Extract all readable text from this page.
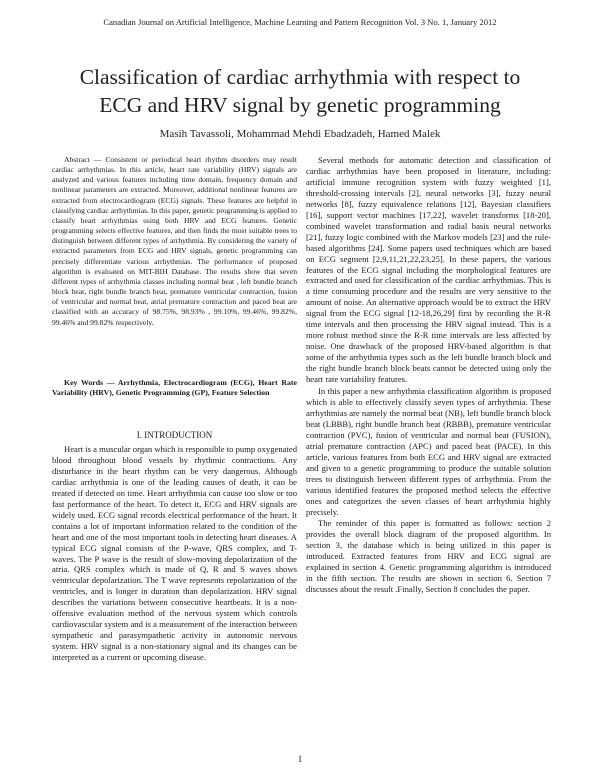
Canadian Journal on Artificial Intelligence, Machine Learning and Pattern Recognition Vol. 3 No. 1, January 2012
Classification of cardiac arrhythmia with respect to
ECG and HRV signal by genetic programming
Masih Tavassoli, Mohammad Mehdi Ebadzadeh, Hamed Malek

Abstract — Consistent or periodical heart rhythm disorders may result cardiac arrhythmias. In this article, heart rate variability (HRV) signals are analyzed and various features including time domain, frequency domain and nonlinear parameters are extracted. Moreover, additional nonlinear features are extracted from electrocardiogram (ECG) signals. These features are helpful in classifying cardiac arrhythmias. In this paper, genetic programming is applied to classify heart arrhythmias using both HRV and ECG features. Genetic programming selects effective features, and then finds the most suitable trees to distinguish between different types of arrhythmia. By considering the variety of extracted parameters from ECG and HRV signals, genetic programming can precisely differentiate various arrhythmias. The performance of proposed algorithm is evaluated on MIT-BIH Database. The results show that seven different types of arrhythmia classes including normal beat , left bundle branch block beat, right bundle branch beat, premature ventricular contraction, fusion of ventricular and normal beat, atrial premature contraction and paced beat are classified with an accuracy of 98.75%, 98.93% , 99.10%, 99.46%, 99.82%, 99.46% and 99.82% respectively.

Key Words — Arrhythmia, Electrocardiogram (ECG), Heart Rate Variability (HRV), Genetic Programming (GP), Feature Selection

I. INTRODUCTION

Heart is a muscular organ which is responsible to pump oxygenated blood throughout blood vessels by rhythmic contractions. Any disturbance in the heart rhythm can be very dangerous. Although cardiac arrhythmia is one of the leading causes of death, it can be treated if detected on time. Heart arrhythmia can cause too slow or too fast performance of the heart. To detect it, ECG and HRV signals are widely used. ECG signal records electrical performance of the heart. It contains a lot of important information related to the condition of the heart and one of the most important tools in detecting heart diseases. A typical ECG signal consists of the P-wave, QRS complex, and T-waves. The P wave is the result of slow-moving depolarization of the atria. QRS complex which is made of Q, R and S waves shows ventricular depolarization. The T wave represents repolarization of the ventricles, and is longer in duration than depolarization. HRV signal describes the variations between consecutive heartbeats. It is a non-offensive evaluation method of the nervous system which controls cardiovascular system and is a measurement of the interaction between sympathetic and parasympathetic activity in autonomic nervous system. HRV signal is a non-stationary signal and its changes can be interpreted as a current or upcoming disease.

Several methods for automatic detection and classification of cardiac arrhythmias have been proposed in literature, including: artificial immune recognition system with fuzzy weighted [1], threshold-crossing intervals [2], neural networks [3], fuzzy neural networks [8], fuzzy equivalence relations [12], Bayesian classifiers [16], support vector machines [17,22], wavelet transforms [18-20], combined wavelet transformation and radial basis neural networks [21], fuzzy logic combined with the Markov models [23] and the rule-based algorithms [24]. Some papers used techniques which are based on ECG segment [2,9,11,21,22,23,25]. In these papers, the various features of the ECG signal including the morphological features are extracted and used for classification of the cardiac arrhythmias. This is a time consuming procedure and the results are very sensitive to the amount of noise. An alternative approach would be to extract the HRV signal from the ECG signal [12-18,26,29] first by recording the R-R time intervals and then processing the HRV signal instead. This is a more robust method since the R-R time intervals are less affected by noise. One drawback of the proposed HRV-based algorithm is that some of the arrhythmia types such as the left bundle branch block and the right bundle branch block beats cannot be detected using only the heart rate variability features.

In this paper a new arrhythmia classification algorithm is proposed which is able to effectively classify seven types of arrhythmia. These arrhythmias are namely the normal beat (NB), left bundle branch block beat (LBBB), right bundle branch beat (RBBB), premature ventricular contraction (PVC), fusion of ventricular and normal beat (FUSION), atrial premature contraction (APC) and paced beat (PACE). In this article, various features from both ECG and HRV signal are extracted and given to a genetic programming to produce the suitable solution trees to distinguish between different types of arrhythmia. From the various identified features the proposed method selects the effective ones and categorizes the seven classes of heart arrhythmia highly precisely.

The reminder of this paper is formatted as follows: section 2 provides the overall block diagram of the proposed algorithm. In section 3, the database which is being utilized in this paper is introduced. Extracted features from HRV and ECG signal are explained in section 4. Genetic programming algorithm is introduced in the fifth section. The results are shown in section 6. Section 7 discusses about the result .Finally, Section 8 concludes the paper.

1
